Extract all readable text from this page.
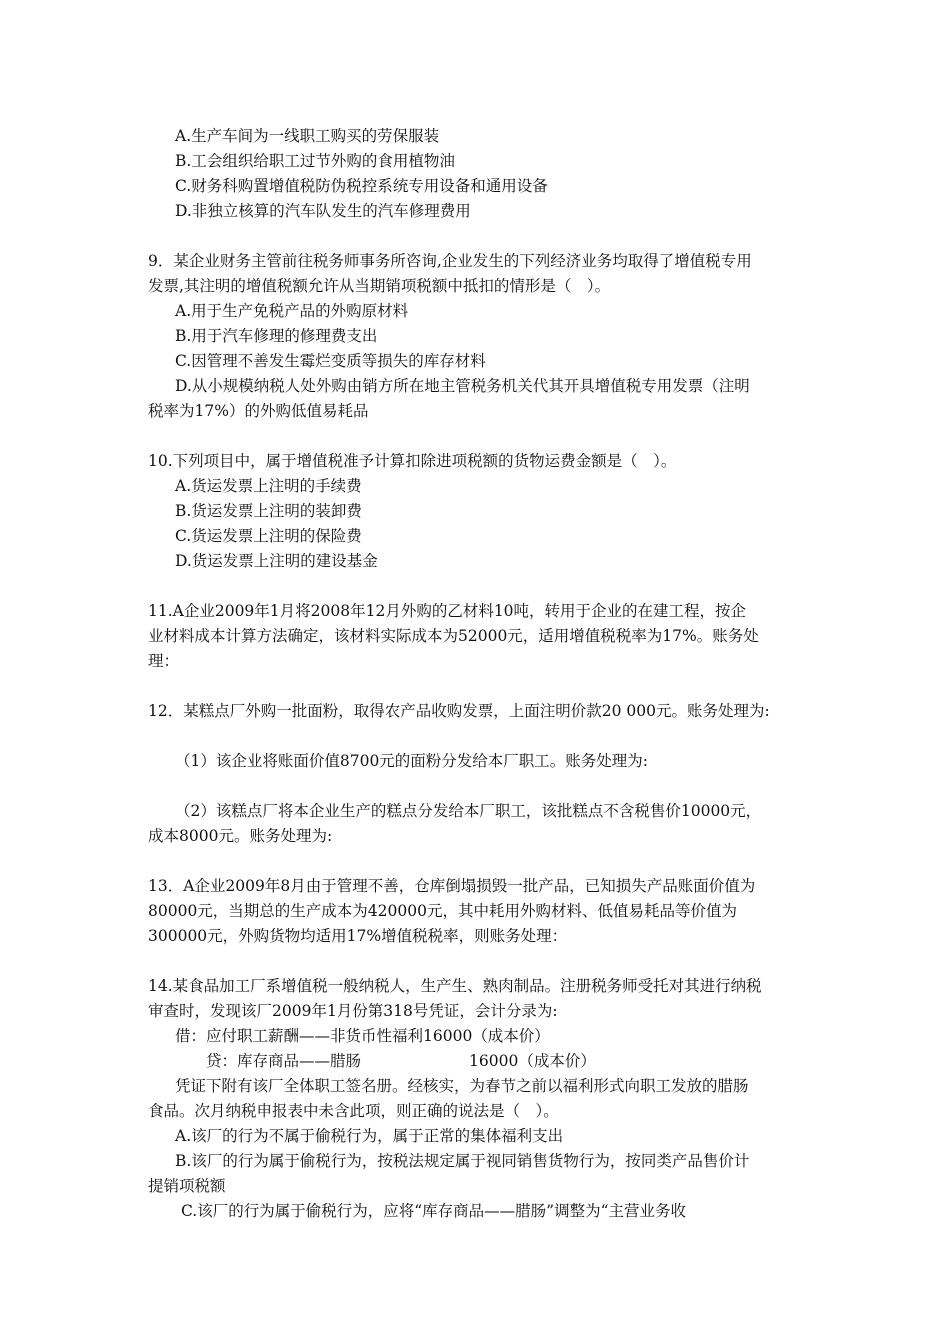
A.生产车间为一线职工购买的劳保服装
B.工会组织给职工过节外购的食用植物油
C.财务科购置增值税防伪税控系统专用设备和通用设备
D.非独立核算的汽车队发生的汽车修理费用
9．某企业财务主管前往税务师事务所咨询,企业发生的下列经济业务均取得了增值税专用
发票,其注明的增值税额允许从当期销项税额中抵扣的情形是（　）。
A.用于生产免税产品的外购原材料
B.用于汽车修理的修理费支出
C.因管理不善发生霉烂变质等损失的库存材料
D.从小规模纳税人处外购由销方所在地主管税务机关代其开具增值税专用发票（注明
税率为17%）的外购低值易耗品
10.下列项目中，属于增值税准予计算扣除进项税额的货物运费金额是（　）。
A.货运发票上注明的手续费
B.货运发票上注明的装卸费
C.货运发票上注明的保险费
D.货运发票上注明的建设基金
11.A企业2009年1月将2008年12月外购的乙材料10吨，转用于企业的在建工程，按企
业材料成本计算方法确定，该材料实际成本为52000元，适用增值税税率为17%。账务处
理：
12．某糕点厂外购一批面粉，取得农产品收购发票，上面注明价款20 000元。账务处理为:
（1）该企业将账面价值8700元的面粉分发给本厂职工。账务处理为:
（2）该糕点厂将本企业生产的糕点分发给本厂职工，该批糕点不含税售价10000元，
成本8000元。账务处理为:
13．A企业2009年8月由于管理不善，仓库倒塌损毁一批产品，已知损失产品账面价值为
80000元，当期总的生产成本为420000元，其中耗用外购材料、低值易耗品等价值为
300000元，外购货物均适用17%增值税税率，则账务处理：
14.某食品加工厂系增值税一般纳税人，生产生、熟肉制品。注册税务师受托对其进行纳税
审查时，发现该厂2009年1月份第318号凭证，会计分录为:
借：应付职工薪酬——非货币性福利16000（成本价）
贷：库存商品——腊肠	16000（成本价）
凭证下附有该厂全体职工签名册。经核实，为春节之前以福利形式向职工发放的腊肠
食品。次月纳税申报表中未含此项，则正确的说法是（　）。
A.该厂的行为不属于偷税行为，属于正常的集体福利支出
B.该厂的行为属于偷税行为，按税法规定属于视同销售货物行为，按同类产品售价计
提销项税额
C.该厂的行为属于偷税行为，应将“库存商品——腊肠”调整为“主营业务收
